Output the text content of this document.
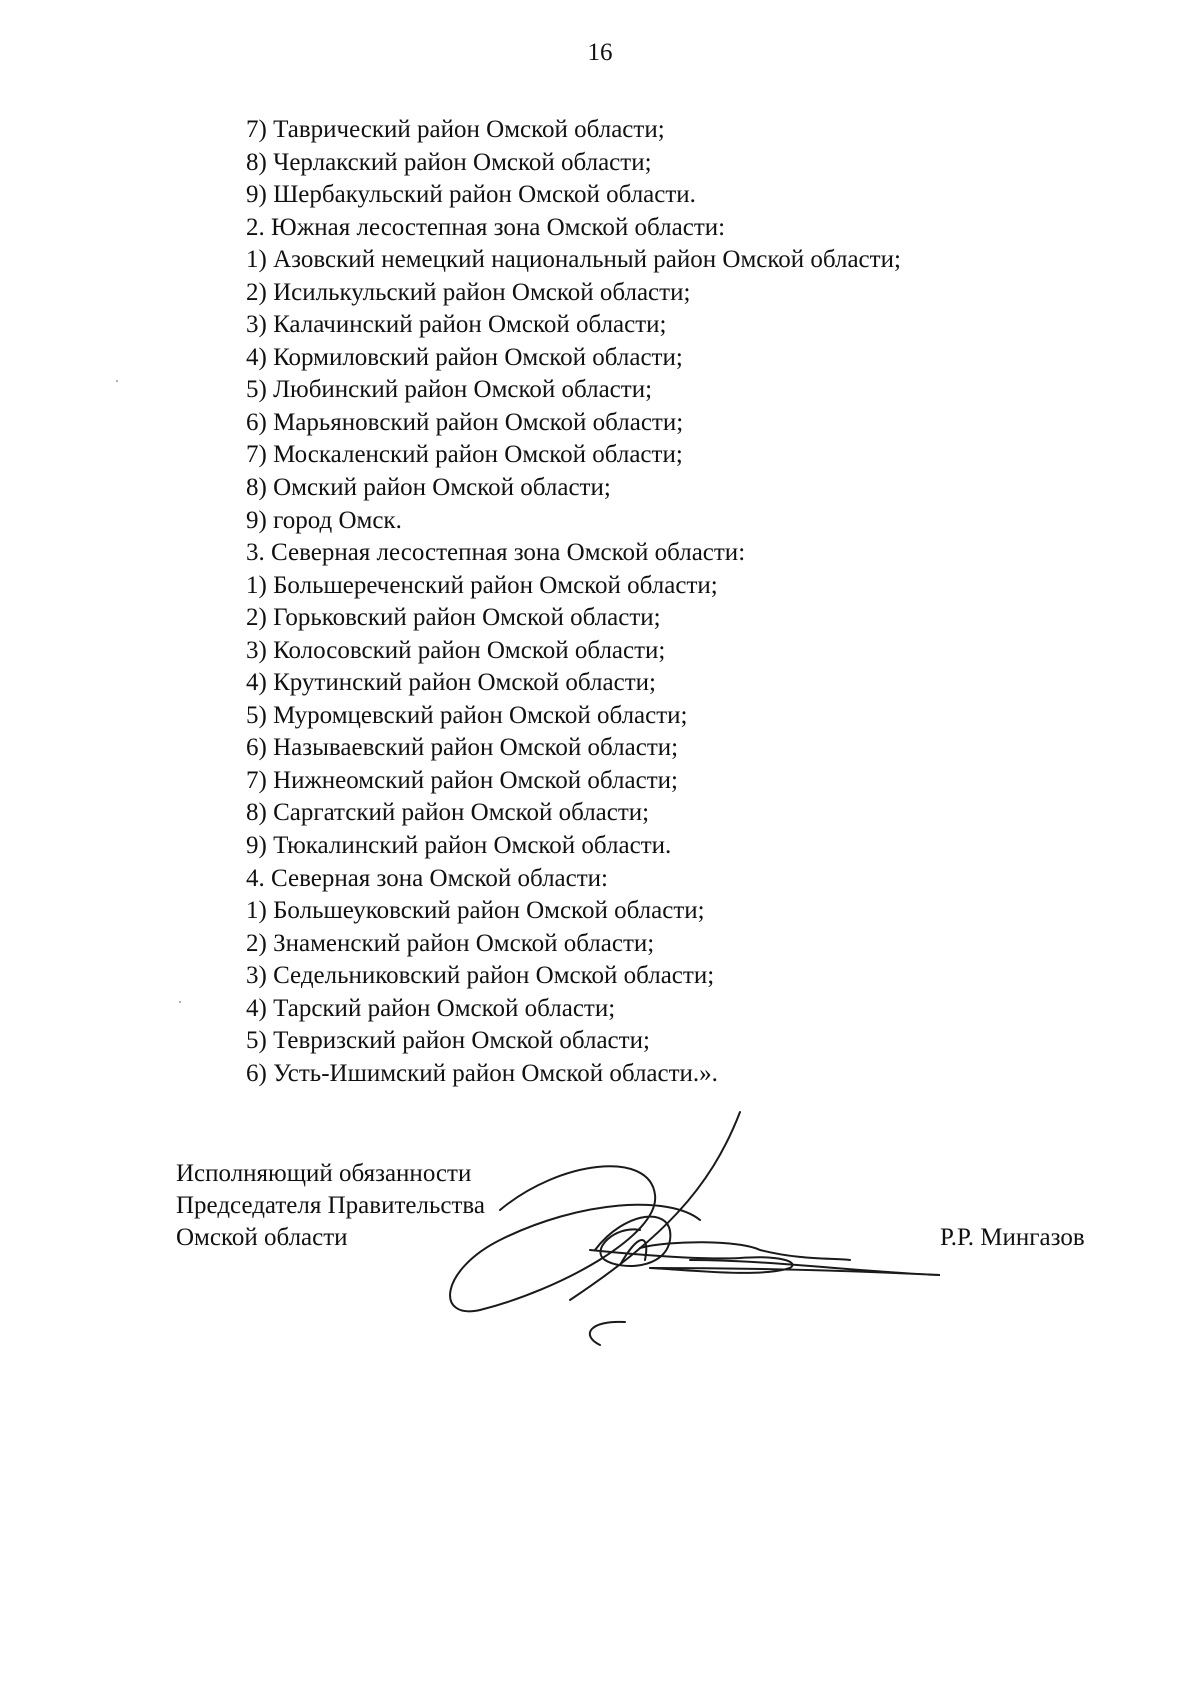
16
7) Таврический район Омской области;
8) Черлакский район Омской области;
9) Шербакульский район Омской области.
2. Южная лесостепная зона Омской области:
1) Азовский немецкий национальный район Омской области;
2) Исилькульский район Омской области;
3) Калачинский район Омской области;
4) Кормиловский район Омской области;
5) Любинский район Омской области;
6) Марьяновский район Омской области;
7) Москаленский район Омской области;
8) Омский район Омской области;
9) город Омск.
3. Северная лесостепная зона Омской области:
1) Большереченский район Омской области;
2) Горьковский район Омской области;
3) Колосовский район Омской области;
4) Крутинский район Омской области;
5) Муромцевский район Омской области;
6) Называевский район Омской области;
7) Нижнеомский район Омской области;
8) Саргатский район Омской области;
9) Тюкалинский район Омской области.
4. Северная зона Омской области:
1) Большеуковский район Омской области;
2) Знаменский район Омской области;
3) Седельниковский район Омской области;
4) Тарский район Омской области;
5) Тевризский район Омской области;
6) Усть-Ишимский район Омской области.».
Исполняющий обязанности
Председателя Правительства
Омской области	Р.Р. Мингазов
